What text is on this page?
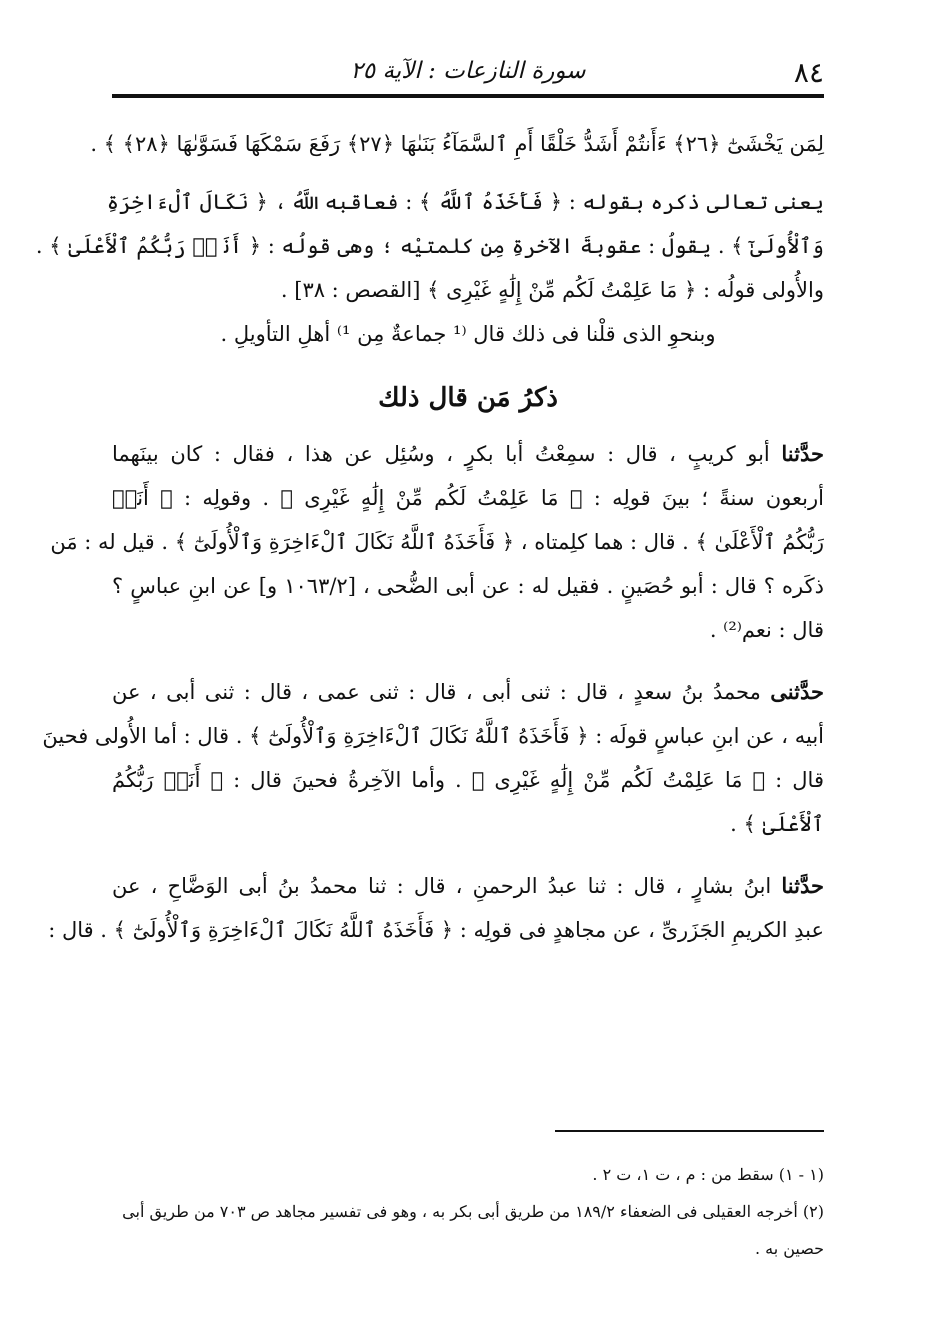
٨٤
سورة النازعات : الآية ٢٥
لِمَن يَخْشَىٰٓ ﴿٢٦﴾ ءَأَنتُمْ أَشَدُّ خَلْقًا أَمِ ٱلسَّمَآءُ بَنَىٰهَا ﴿٢٧﴾ رَفَعَ سَمْكَهَا فَسَوَّىٰهَا ﴿٢٨﴾ ﴾ .
يعنى تعالى ذكره بقوله : ﴿ فَأَخَذَهُ ٱللَّهُ ﴾ : فعاقبه اللَّهُ ، ﴿ نَكَالَ ٱلْءَاخِرَةِ
وَٱلْأُولَىٰٓ ﴾ . يقولُ : عقوبةَ الآخرةِ مِن كلمتيْه ؛ وهى قولُه : ﴿ أَنَا۠ رَبُّكُمُ ٱلْأَعْلَىٰ ﴾ .
والأُولى قولُه : ﴿ مَا عَلِمْتُ لَكُم مِّنْ إِلَٰهٍ غَيْرِى ﴾ [القصص : ٣٨] .
وبنحوِ الذى قلْنا فى ذلك قال ⁽¹ جماعةٌ مِن ¹⁾ أهلِ التأويلِ .
ذكرُ مَن قال ذلك
حدَّثنا أبو كريبٍ ، قال : سمِعْتُ أبا بكرٍ ، وسُئِل عن هذا ، فقال : كان بينَهما
أربعون سنةً ؛ بينَ قولِه : ﴿ مَا عَلِمْتُ لَكُم مِّنْ إِلَٰهٍ غَيْرِى ﴾ . وقولِه : ﴿ أَنَا۠
رَبُّكُمُ ٱلْأَعْلَىٰ ﴾ . قال : هما كلِمتاه ، ﴿ فَأَخَذَهُ ٱللَّهُ نَكَالَ ٱلْءَاخِرَةِ وَٱلْأُولَىٰٓ ﴾ . قيل له : مَن
ذكَره ؟ قال : أبو حُصَينٍ . فقيل له : عن أبى الضُّحى ، [١٠٦٣/٢ و] عن ابنِ عباسٍ ؟
قال : نعم⁽²⁾ .
حدَّثنى محمدُ بنُ سعدٍ ، قال : ثنى أبى ، قال : ثنى عمى ، قال : ثنى أبى ، عن
أبيه ، عن ابنِ عباسٍ قولَه : ﴿ فَأَخَذَهُ ٱللَّهُ نَكَالَ ٱلْءَاخِرَةِ وَٱلْأُولَىٰٓ ﴾ . قال : أما الأُولى فحينَ
قال : ﴿ مَا عَلِمْتُ لَكُم مِّنْ إِلَٰهٍ غَيْرِى ﴾ . وأما الآخِرةُ فحينَ قال : ﴿ أَنَا۠ رَبُّكُمُ
ٱلْأَعْلَىٰ ﴾ .
حدَّثنا ابنُ بشارٍ ، قال : ثنا عبدُ الرحمنِ ، قال : ثنا محمدُ بنُ أبى الوَضَّاحِ ، عن
عبدِ الكريمِ الجَزَرىِّ ، عن مجاهدٍ فى قولِه : ﴿ فَأَخَذَهُ ٱللَّهُ نَكَالَ ٱلْءَاخِرَةِ وَٱلْأُولَىٰٓ ﴾ . قال :
(١ - ١) سقط من : م ، ت ١، ت ٢ .
(٢) أخرجه العقيلى فى الضعفاء ١٨٩/٢ من طريق أبى بكر به ، وهو فى تفسير مجاهد ص ٧٠٣ من طريق أبى
حصين به .
